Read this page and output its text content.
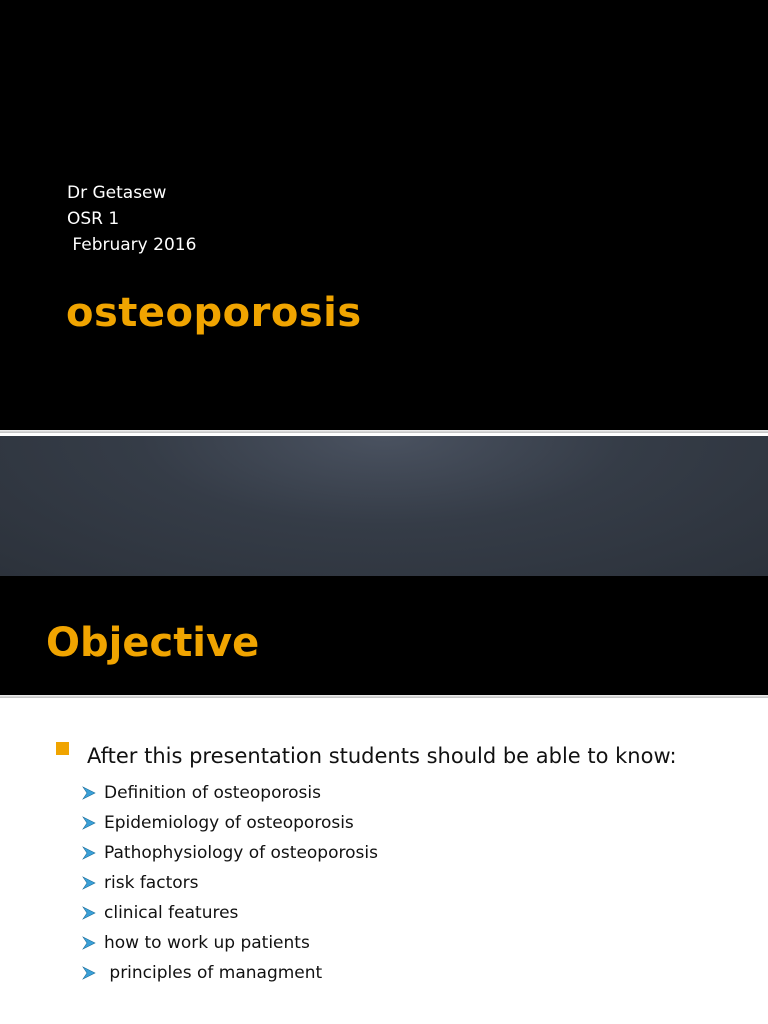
Dr Getasew
OSR 1
February 2016
osteoporosis
Objective
After this presentation students should be able to know:
Definition of osteoporosis
Epidemiology of osteoporosis
Pathophysiology of osteoporosis
risk factors
clinical features
how to work up patients
principles of managment
